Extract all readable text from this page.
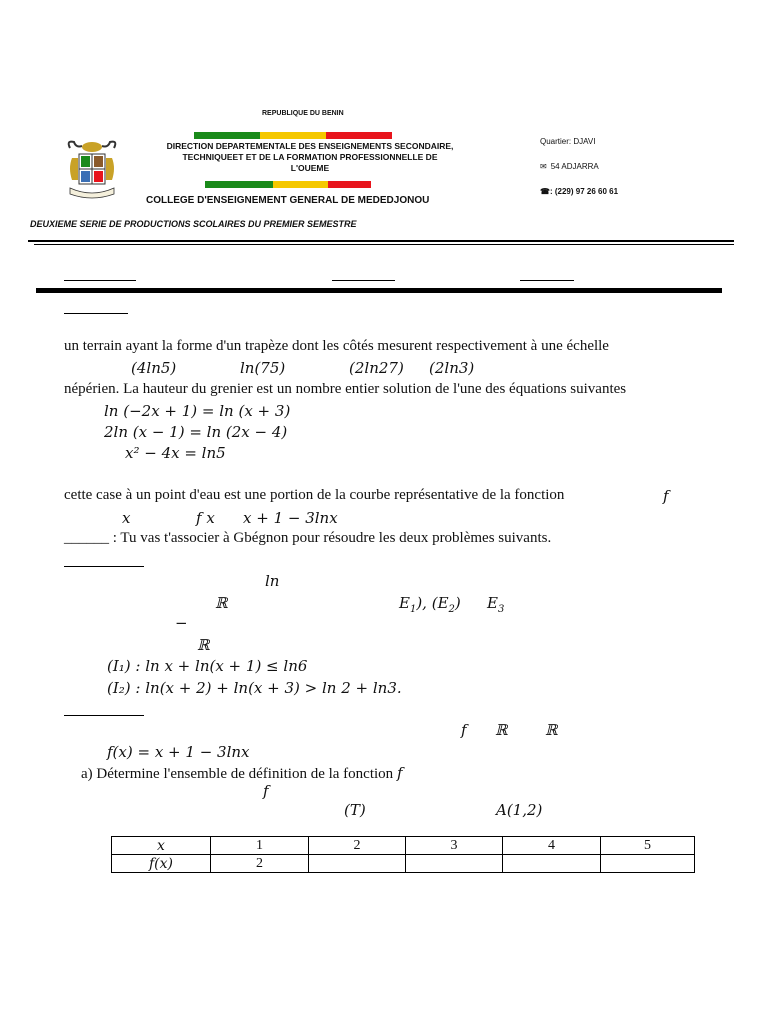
REPUBLIQUE DU BENIN
DIRECTION DEPARTEMENTALE DES ENSEIGNEMENTS SECONDAIRE,
TECHNIQUEET ET DE LA FORMATION PROFESSIONNELLE DE
L'OUEME
COLLEGE D'ENSEIGNEMENT GENERAL DE MEDEDJONOU
Quartier: DJAVI
✉ 54 ADJARRA
☎: (229) 97 26 60 61
DEUXIEME SERIE DE PRODUCTIONS SCOLAIRES DU PREMIER SEMESTRE
un terrain ayant la forme d'un trapèze dont les côtés mesurent respectivement à une échelle
(4ln5)	ln(75)	(2ln27) (2ln3)
népérien. La hauteur du grenier est un nombre entier solution de l'une des équations suivantes
ln (−2x + 1) = ln (x + 3)
2ln (x − 1) = ln (2x − 4)
x² − 4x = ln5
cette case à un point d'eau est une portion de la courbe représentative de la fonction	f
x	f x x + 1 − 3lnx
______ : Tu vas t'associer à Gbégnon pour résoudre les deux problèmes suivants.
ln
ℝ	$E_1$), $(E_2)$ $E_3$
−
ℝ
(I₁) : ln x + ln(x + 1) ≤ ln6
(I₂) : ln(x + 2) + ln(x + 3) > ln 2 + ln3.
f ℝ	ℝ
f(x) = x + 1 − 3lnx
a) Détermine l'ensemble de définition de la fonction f
f
(T)	A(1,2)
x	1	2	3	4	5
f(x)	2				
